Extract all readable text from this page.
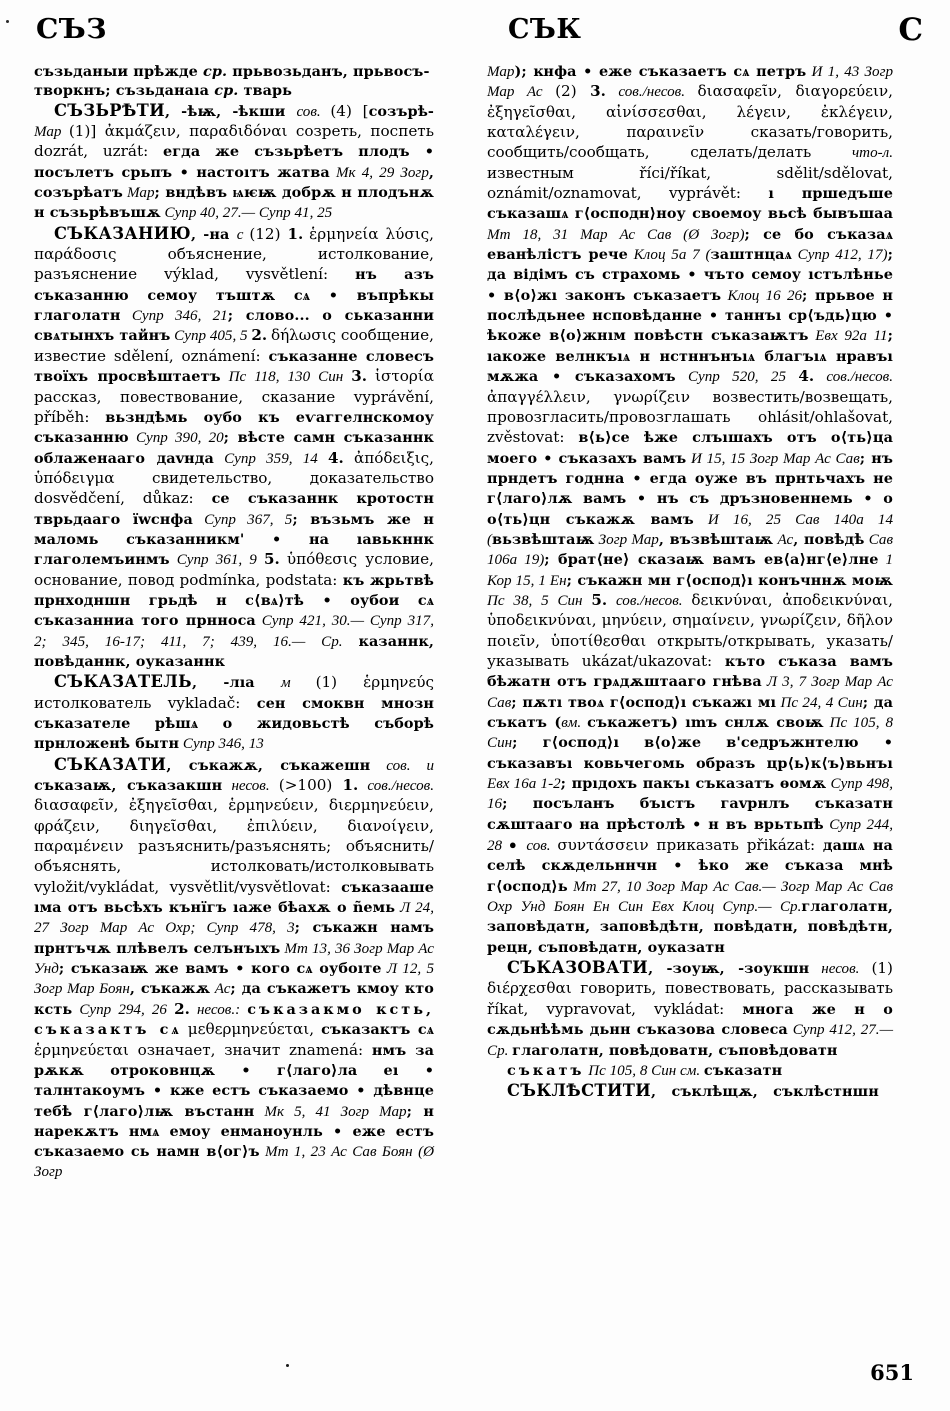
СЪЗ	СЪК	С

съзьданыи прѣжде ср. прьвозьданъ, прьвосъ-

творкнъ; съзьданаıа ср. тварь

СЪЗЬРѢТИ, -ѣѭ, -ѣкши сов. (4) [созърѣ- Мар (1)] ἀκμάζειν, παραδιδόναι созреть, поспеть dozrát, uzrát: егда же съзьрѣетъ плодъ • посълетъ срьпъ • настоıтъ жатва Мк 4, 29 Зогр, созърѣатъ Мар; вндѣвъ ѩѥѭ добрѫ н плодънѫ н съзьрѣвъшѫ Супр 40, 27.— Супр 41, 25

СЪКАЗАНИЮ, -на с (12) 1. ἑρμηνεία λύσις, παράδοσις объяснение, истолкование, разъяснение výklad, vysvětlení: нъ азъ съказанню семоу тъштѫ сѧ • въпрѣкы глаголатн Супр 346, 21; слово... о ськазанни свѧтынхъ тайнъ Супр 405, 5 2. δήλωσις сообщение, известие sdělení, oznámení: съказанне словесъ твоїхъ просвѣштаетъ Пс 118, 130 Син 3. ἱστορία рассказ, повествование, сказание vyprávění, příběh: вьзндѣмь оубо къ еѵаггелнскомоу съказанню Супр 390, 20; вѣсте самн съказаннк облаженааго даvнда Супр 359, 14 4. ἀπόδειξις, ὑπόδειγμα свидетельство, доказательство dosvědčení, důkaz: се съказаннк кротостн тврьдааго ïwснфа Супр 367, 5; възьмъ же н маломь съказанникм' • на ıавькннк глаголемъинмъ Супр 361, 9 5. ὑπόθεσις условие, основание, повод podmínka, podstata: къ жрьтвѣ прнходншн грьдѣ н с⟨вѧ⟩тѣ • оубои сѧ съказанниа того прнноса Супр 421, 30.— Супр 317, 2; 345, 16-17; 411, 7; 439, 16.— Ср. казаннк, повѣданнк, оуказаннк

СЪКАЗАТЕЛЬ, -лıа м (1) ἑρμηνεύς истолкователь vykladač: сен смоквн мнозн съказателе рѣшѧ о жидовьстѣ съборѣ прнложенѣ бытн Супр 346, 13

СЪКАЗАТИ, съкажѫ, съкажешн сов. и съказаѭ, съказакшн несов. (>100) 1. сов./несов. διασαφεῖν, ἐξηγεῖσθαι, ἑρμηνεύειν, διερμηνεύειν, φράζειν, διηγεῖσθαι, ἐπιλύειν, διανοίγειν, παραμένειν разъяснить/разъяснять; объяснить/объяснять, истолковать/истолковывать vyložit/vykládat, vysvětlit/vysvětlovat: съказааше ıма отъ вьсѣхъ кънïгъ ıаже бѣахѫ о ñемь Л 24, 27 Зогр Мар Ас Охр; Супр 478, 3; съкажн намъ прнтъчѫ плѣвелъ селънъıхъ Мт 13, 36 Зогр Мар Ас Унд; съказаѭ же вамъ • кого сѧ оубоıте Л 12, 5 Зогр Мар Боян, съкажѫ Ас; да съкажетъ кмоу кто ксть Супр 294, 26 2. несов.: съказакмо ксть, съказактъ сѧ μεθερμηνεύεται, съказактъ сѧ ἑρμηνεύεται означает, значит znamená: нмъ за рѫкѫ отроковнцѫ • г⟨лаго⟩ла еı • талнтакоумъ • кже естъ съказаемо • дѣвнце тебѣ г⟨лаго⟩лѭ въстанн Мк 5, 41 Зогр Мар; н нарекѫтъ нмѧ емоу енманоунль • еже естъ съказаемо сь намн в⟨ог⟩ъ Мт 1, 23 Ас Сав Боян (Ø Зогр

Мар); ĸнфа • еже съказаетъ сѧ петръ И 1, 43 Зогр Мар Ас (2) 3. сов./несов. διασαφεῖν, διαγορεύειν, ἐξηγεῖσθαι, αἰνίσσεσθαι, λέγειν, ἐκλέγειν, καταλέγειν, παραινεῖν сказать/говорить, сообщить/сообщать, сделать/делать что-л. известным říci/říkat, sdělit/sdělovat, oznámit/oznamovat, vyprávět: ı пршедъше съказашѧ г⟨осподн⟩ноу своемоу вьсѣ бывъшаа Мт 18, 31 Мар Ас Сав (Ø Зогр); се бо съказаѧ еванѣлістъ рече Клоц 5а 7 (заштнцаѧ Супр 412, 17); да вiдiмъ съ страхомь • чъто семоу ıстълѣнье • в⟨о⟩жı законъ съказаетъ Клоц 16 26; прьвое н послѣдьнее нсповѣданне • таннъı ср⟨ъдь⟩цю • ѣкоже в⟨о⟩жнıм повѣстн съказаѭтъ Евх 92а 11; ıакоже велнкъıѧ н нстннънъıѧ благъıѧ нравъı мѫжа • съказахомъ Супр 520, 25 4. сов./несов. ἀπαγγέλλειν, γνωρίζειν возвестить/возвещать, провозгласить/провозглашать ohlásit/ohlašovat, zvěstovat: в⟨ь⟩се ѣже слъıшахъ отъ о⟨ть⟩ца моего • съказахъ вамъ И 15, 15 Зогр Мар Ас Сав; нъ прндетъ годнна • егда оуже въ прнтьчахъ не г⟨лаго⟩лѫ вамъ • нъ съ дръзновеннемь • о о⟨ть⟩цн съкажѫ вамъ И 16, 25 Сав 140а 14 (вьзвѣштаѭ Зогр Мар, възвѣштаѭ Ас, повѣдѣ Сав 106а 19); брат⟨не⟩ сказаѭ вамъ ев⟨а⟩нг⟨е⟩лне 1 Кор 15, 1 Ен; съкажн мн г⟨оспод⟩ı конъчннѫ моѭ Пс 38, 5 Син 5. сов./несов. δεικνύναι, ἀποδεικνύναι, ὑποδεικνύναι, μηνύειν, σημαίνειν, γνωρίζειν, δῆλον ποιεῖν, ὑποτίθεσθαι открыть/открывать, указать/указывать ukázat/ukazovat: къто съказа вамъ бѣжатн отъ грѧдѫштааго гнѣва Л 3, 7 Зогр Мар Ас Сав; пѫтı твоѧ г⟨оспод⟩ı съкажı мı Пс 24, 4 Син; да съкатъ (вм. съкажетъ) ımъ снлѫ своѭ Пс 105, 8 Син; г⟨оспод⟩ı в⟨о⟩же в'седръжнтелю • съказавъı ковьчегомь образъ цр⟨ь⟩к⟨ъ⟩вьнъı Евх 16а 1-2; прıдохъ пакъı съказатъ ѳомѫ Супр 498, 16; посъланъ бъıстъ гаvрнлъ съказатн сѫштааго на прѣстолѣ • н въ врьтьпѣ Супр 244, 28 ● сов. συντάσσειν приказать přikázat: дашѧ на селѣ скѫдельннчн • ѣко же съказа мнѣ г⟨оспод⟩ь Мт 27, 10 Зогр Мар Ас Сав.— Зогр Мар Ас Сав Охр Унд Боян Ен Син Евх Клоц Супр.— Ср.глаголатн, заповѣдатн, заповѣдѣтн, повѣдатн, повѣдѣтн, рецн, съповѣдатн, оуказатн

СЪКАЗОВАТИ, -зоуѭ, -зоукшн несов. (1) διέρχεσθαι говорить, повествовать, рассказывать říkat, vypravovat, vykládat: многа же н о сѫдьнѣѣмь дьнн съказова словеса Супр 412, 27.— Ср. глаголатн, повѣдоватн, съповѣдоватн

съкатъ Пс 105, 8 Син см. съказатн

СЪКЛѢСТИТИ,   съклѣщѫ,   съклѣстншн

651
